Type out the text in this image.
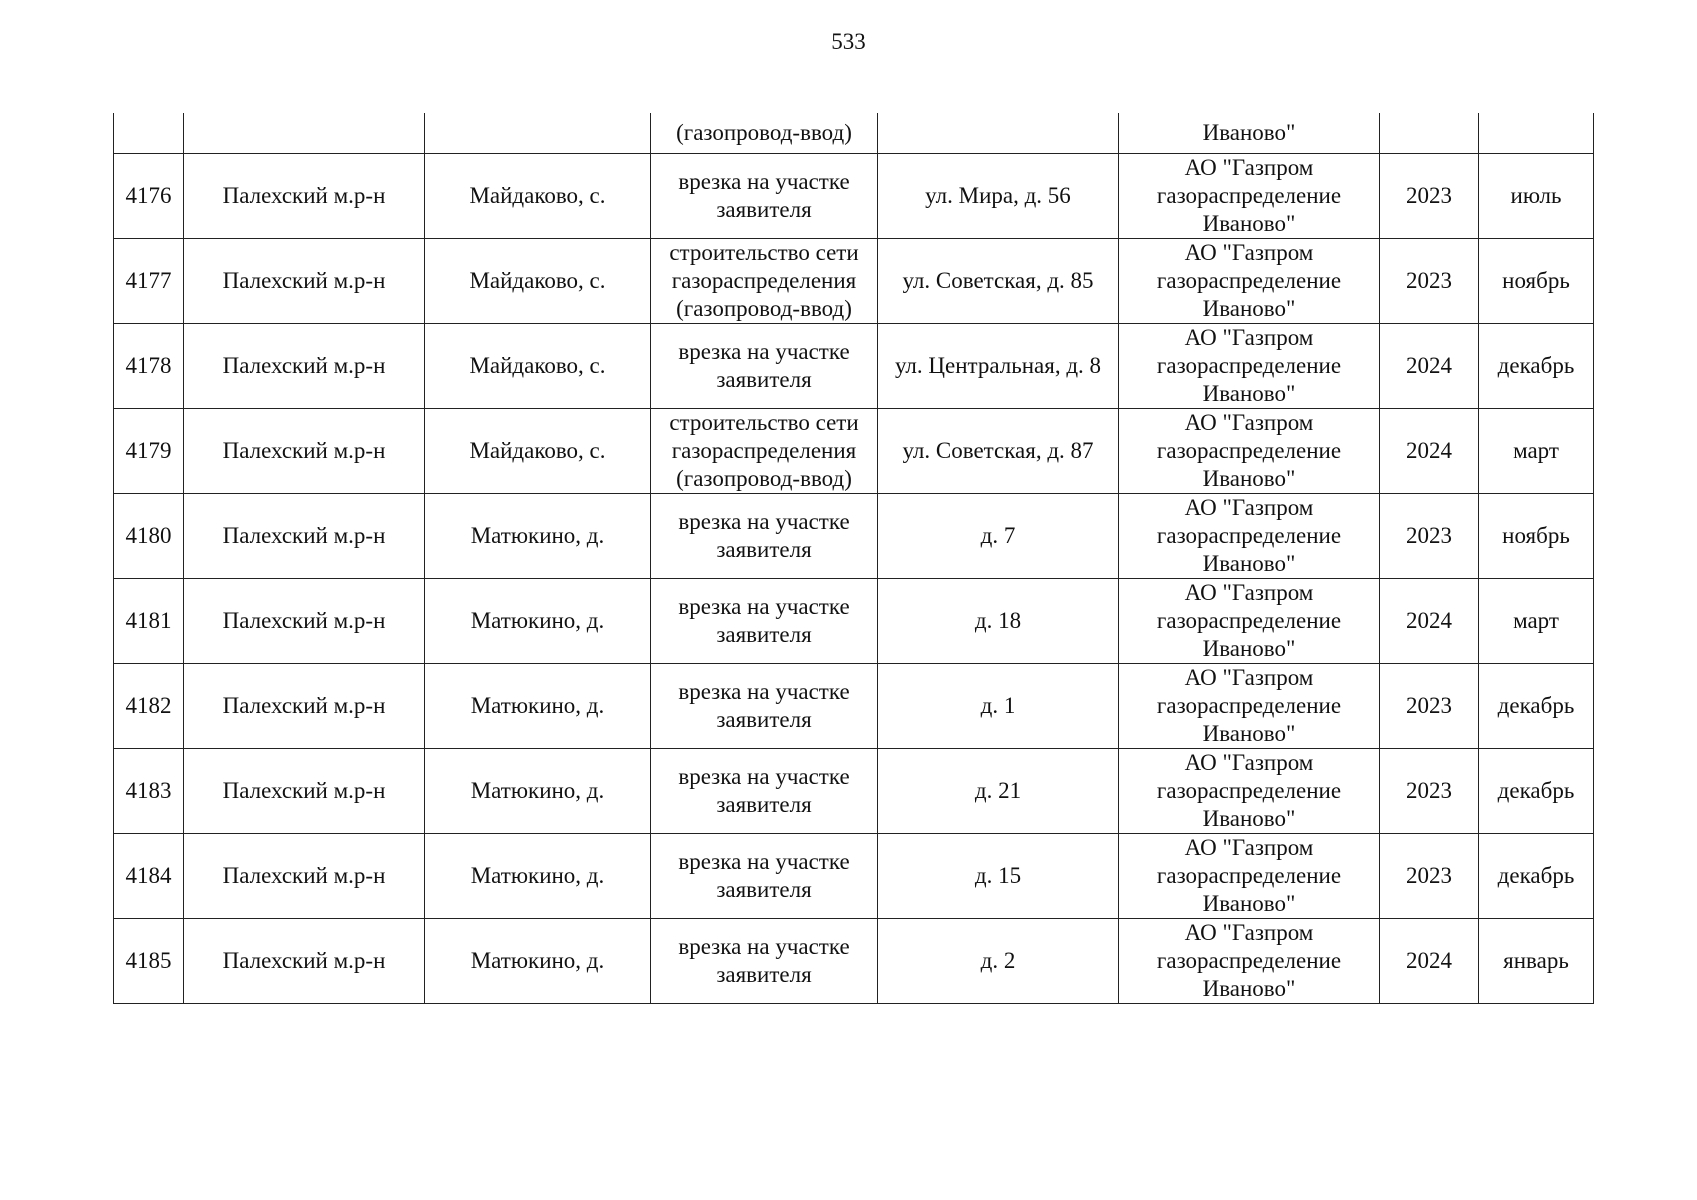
533
			(газопровод-ввод)		Иваново"		
4176	Палехский м.р-н	Майдаково, с.	врезка на участке заявителя	ул. Мира, д. 56	АО "Газпром газораспределение Иваново"	2023	июль
4177	Палехский м.р-н	Майдаково, с.	строительство сети газораспределения (газопровод-ввод)	ул. Советская, д. 85	АО "Газпром газораспределение Иваново"	2023	ноябрь
4178	Палехский м.р-н	Майдаково, с.	врезка на участке заявителя	ул. Центральная, д. 8	АО "Газпром газораспределение Иваново"	2024	декабрь
4179	Палехский м.р-н	Майдаково, с.	строительство сети газораспределения (газопровод-ввод)	ул. Советская, д. 87	АО "Газпром газораспределение Иваново"	2024	март
4180	Палехский м.р-н	Матюкино, д.	врезка на участке заявителя	д. 7	АО "Газпром газораспределение Иваново"	2023	ноябрь
4181	Палехский м.р-н	Матюкино, д.	врезка на участке заявителя	д. 18	АО "Газпром газораспределение Иваново"	2024	март
4182	Палехский м.р-н	Матюкино, д.	врезка на участке заявителя	д. 1	АО "Газпром газораспределение Иваново"	2023	декабрь
4183	Палехский м.р-н	Матюкино, д.	врезка на участке заявителя	д. 21	АО "Газпром газораспределение Иваново"	2023	декабрь
4184	Палехский м.р-н	Матюкино, д.	врезка на участке заявителя	д. 15	АО "Газпром газораспределение Иваново"	2023	декабрь
4185	Палехский м.р-н	Матюкино, д.	врезка на участке заявителя	д. 2	АО "Газпром газораспределение Иваново"	2024	январь
